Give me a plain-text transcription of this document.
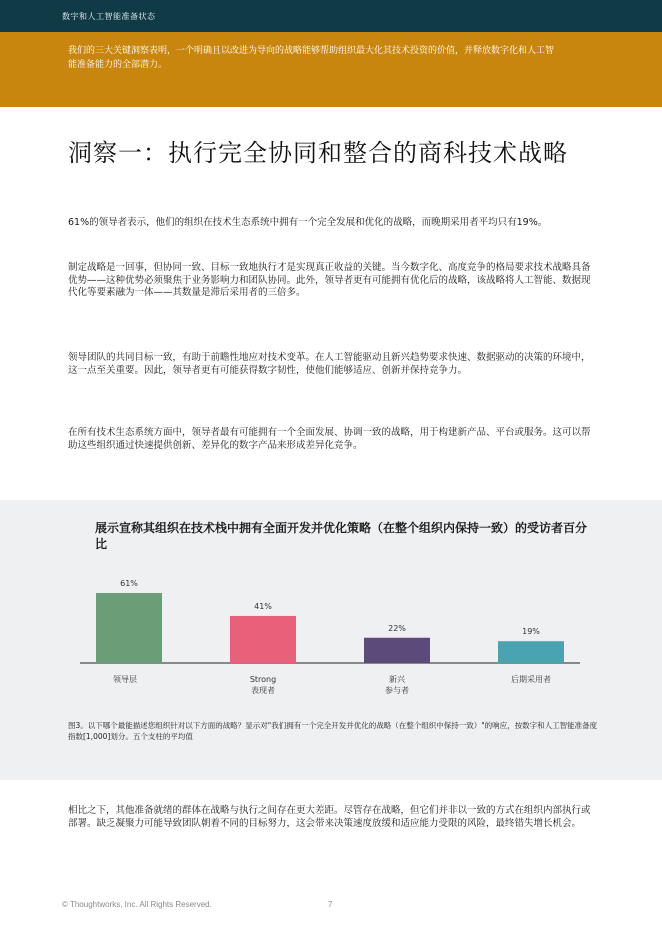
数字和人工智能准备状态

我们的三大关键洞察表明，一个明确且以改进为导向的战略能够帮助组织最大化其技术投资的价值，并释放数字化和人工智能准备能力的全部潜力。

洞察一：执行完全协同和整合的商科技术战略

61%的领导者表示，他们的组织在技术生态系统中拥有一个完全发展和优化的战略，而晚期采用者平均只有19%。

制定战略是一回事，但协同一致、目标一致地执行才是实现真正收益的关键。当今数字化、高度竞争的格局要求技术战略具备优势——这种优势必须聚焦于业务影响力和团队协同。此外，领导者更有可能拥有优化后的战略，该战略将人工智能、数据现代化等要素融为一体——其数量是滞后采用者的三倍多。

领导团队的共同目标一致，有助于前瞻性地应对技术变革。在人工智能驱动且新兴趋势要求快速、数据驱动的决策的环境中，这一点至关重要。因此，领导者更有可能获得数字韧性，使他们能够适应、创新并保持竞争力。

在所有技术生态系统方面中，领导者最有可能拥有一个全面发展、协调一致的战略，用于构建新产品、平台或服务。这可以帮助这些组织通过快速提供创新、差异化的数字产品来形成差异化竞争。

展示宣称其组织在技术栈中拥有全面开发并优化策略（在整个组织内保持一致）的受访者百分比
61%
领导层
41%
Strong 表现者
22%
新兴参与者
19%
后期采用者

图3。以下哪个最能描述您组织针对以下方面的战略？显示对"我们拥有一个完全开发并优化的战略（在整个组织中保持一致）"的响应，按数字和人工智能准备度指数[1,000]划分。五个支柱的平均值

相比之下，其他准备就绪的群体在战略与执行之间存在更大差距。尽管存在战略，但它们并非以一致的方式在组织内部执行或部署。缺乏凝聚力可能导致团队朝着不同的目标努力，这会带来决策速度放缓和适应能力受限的风险，最终错失增长机会。

© Thoughtworks, Inc. All Rights Reserved.	7
